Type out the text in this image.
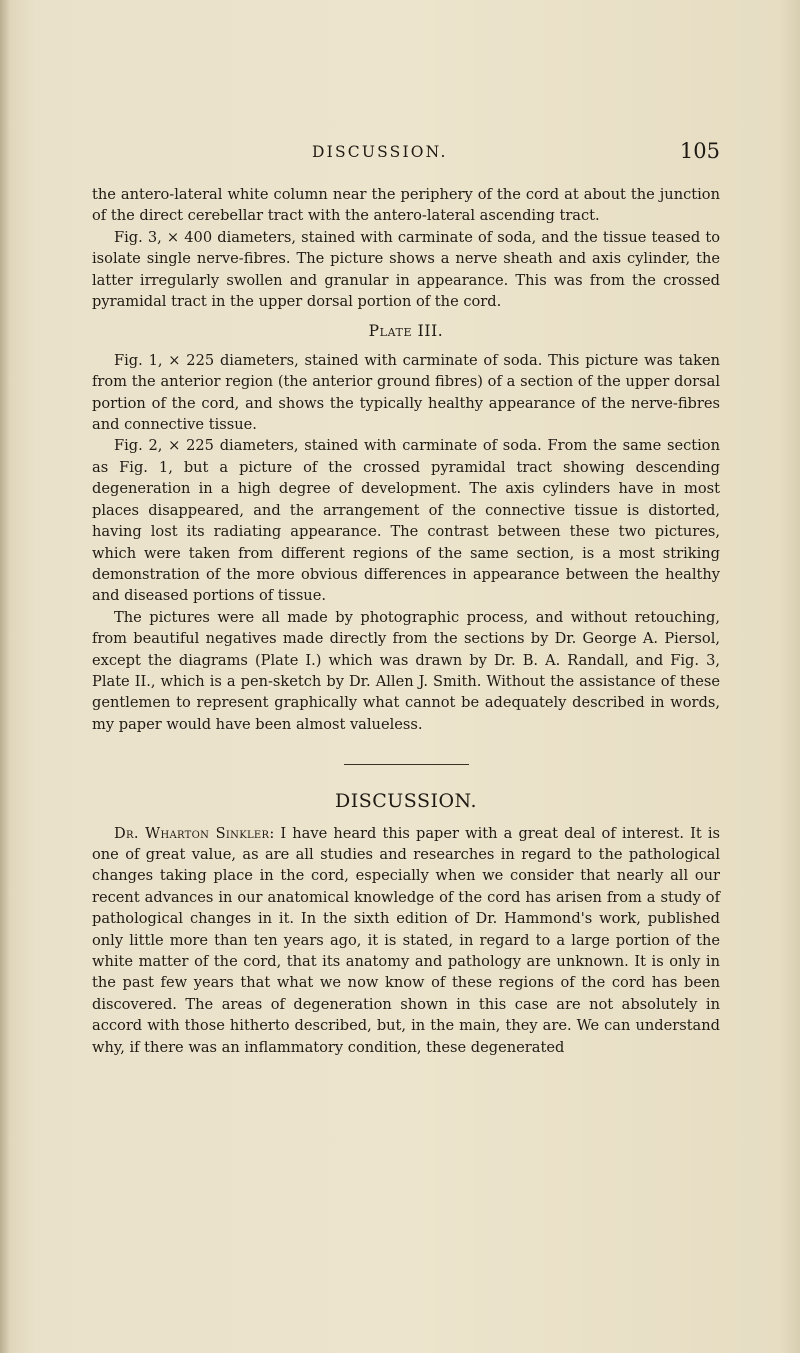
DISCUSSION.	105

the antero-lateral white column near the periphery of the cord at about the junction of the direct cerebellar tract with the antero-lateral ascending tract.

Fig. 3, × 400 diameters, stained with carminate of soda, and the tissue teased to isolate single nerve-fibres. The picture shows a nerve sheath and axis cylinder, the latter irregularly swollen and granular in appearance. This was from the crossed pyramidal tract in the upper dorsal portion of the cord.

Plate III.

Fig. 1, × 225 diameters, stained with carminate of soda. This picture was taken from the anterior region (the anterior ground fibres) of a section of the upper dorsal portion of the cord, and shows the typically healthy appearance of the nerve-fibres and connective tissue.

Fig. 2, × 225 diameters, stained with carminate of soda. From the same section as Fig. 1, but a picture of the crossed pyramidal tract showing descending degeneration in a high degree of development. The axis cylinders have in most places disappeared, and the arrangement of the connective tissue is distorted, having lost its radiating appearance. The contrast between these two pictures, which were taken from different regions of the same section, is a most striking demonstration of the more obvious differences in appearance between the healthy and diseased portions of tissue.

The pictures were all made by photographic process, and without retouching, from beautiful negatives made directly from the sections by Dr. George A. Piersol, except the diagrams (Plate I.) which was drawn by Dr. B. A. Randall, and Fig. 3, Plate II., which is a pen-sketch by Dr. Allen J. Smith. Without the assistance of these gentlemen to represent graphically what cannot be adequately described in words, my paper would have been almost valueless.

DISCUSSION.

Dr. Wharton Sinkler: I have heard this paper with a great deal of interest. It is one of great value, as are all studies and researches in regard to the pathological changes taking place in the cord, especially when we consider that nearly all our recent advances in our anatomical knowledge of the cord has arisen from a study of pathological changes in it. In the sixth edition of Dr. Hammond's work, published only little more than ten years ago, it is stated, in regard to a large portion of the white matter of the cord, that its anatomy and pathology are unknown. It is only in the past few years that what we now know of these regions of the cord has been discovered. The areas of degeneration shown in this case are not absolutely in accord with those hitherto described, but, in the main, they are. We can understand why, if there was an inflammatory condition, these degenerated
